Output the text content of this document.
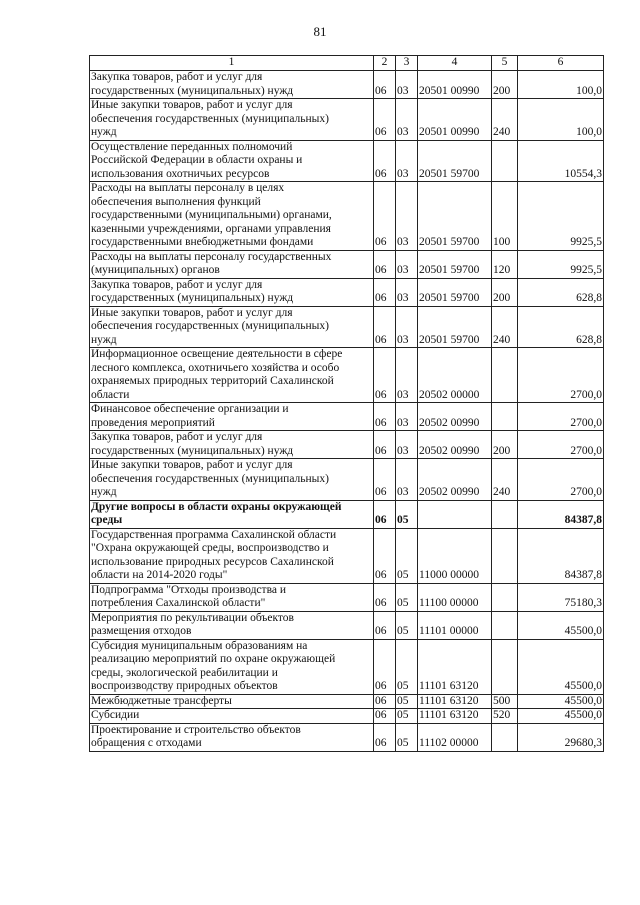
81
1	2	3	4	5	6
Закупка товаров, работ и услуг для
государственных (муниципальных) нужд	06	03	20501 00990	200	100,0
Иные закупки товаров, работ и услуг для
обеспечения государственных (муниципальных)
нужд	06	03	20501 00990	240	100,0
Осуществление переданных полномочий
Российской Федерации в области охраны и
использования охотничьих ресурсов	06	03	20501 59700		10554,3
Расходы на выплаты персоналу в целях
обеспечения выполнения функций
государственными (муниципальными) органами,
казенными учреждениями, органами управления
государственными внебюджетными фондами	06	03	20501 59700	100	9925,5
Расходы на выплаты персоналу государственных
(муниципальных) органов	06	03	20501 59700	120	9925,5
Закупка товаров, работ и услуг для
государственных (муниципальных) нужд	06	03	20501 59700	200	628,8
Иные закупки товаров, работ и услуг для
обеспечения государственных (муниципальных)
нужд	06	03	20501 59700	240	628,8
Информационное освещение деятельности в сфере
лесного комплекса, охотничьего хозяйства и особо
охраняемых природных территорий Сахалинской
области	06	03	20502 00000		2700,0
Финансовое обеспечение организации и
проведения мероприятий	06	03	20502 00990		2700,0
Закупка товаров, работ и услуг для
государственных (муниципальных) нужд	06	03	20502 00990	200	2700,0
Иные закупки товаров, работ и услуг для
обеспечения государственных (муниципальных)
нужд	06	03	20502 00990	240	2700,0
Другие вопросы в области охраны окружающей
среды	06	05			84387,8
Государственная программа Сахалинской области
"Охрана окружающей среды, воспроизводство и
использование природных ресурсов Сахалинской
области на 2014-2020 годы"	06	05	11000 00000		84387,8
Подпрограмма "Отходы производства и
потребления Сахалинской области"	06	05	11100 00000		75180,3
Мероприятия по рекультивации объектов
размещения отходов	06	05	11101 00000		45500,0
Субсидия муниципальным образованиям на
реализацию мероприятий по охране окружающей
среды, экологической реабилитации и
воспроизводству природных объектов	06	05	11101 63120		45500,0
Межбюджетные трансферты	06	05	11101 63120	500	45500,0
Субсидии	06	05	11101 63120	520	45500,0
Проектирование и строительство объектов
обращения с отходами	06	05	11102 00000		29680,3
